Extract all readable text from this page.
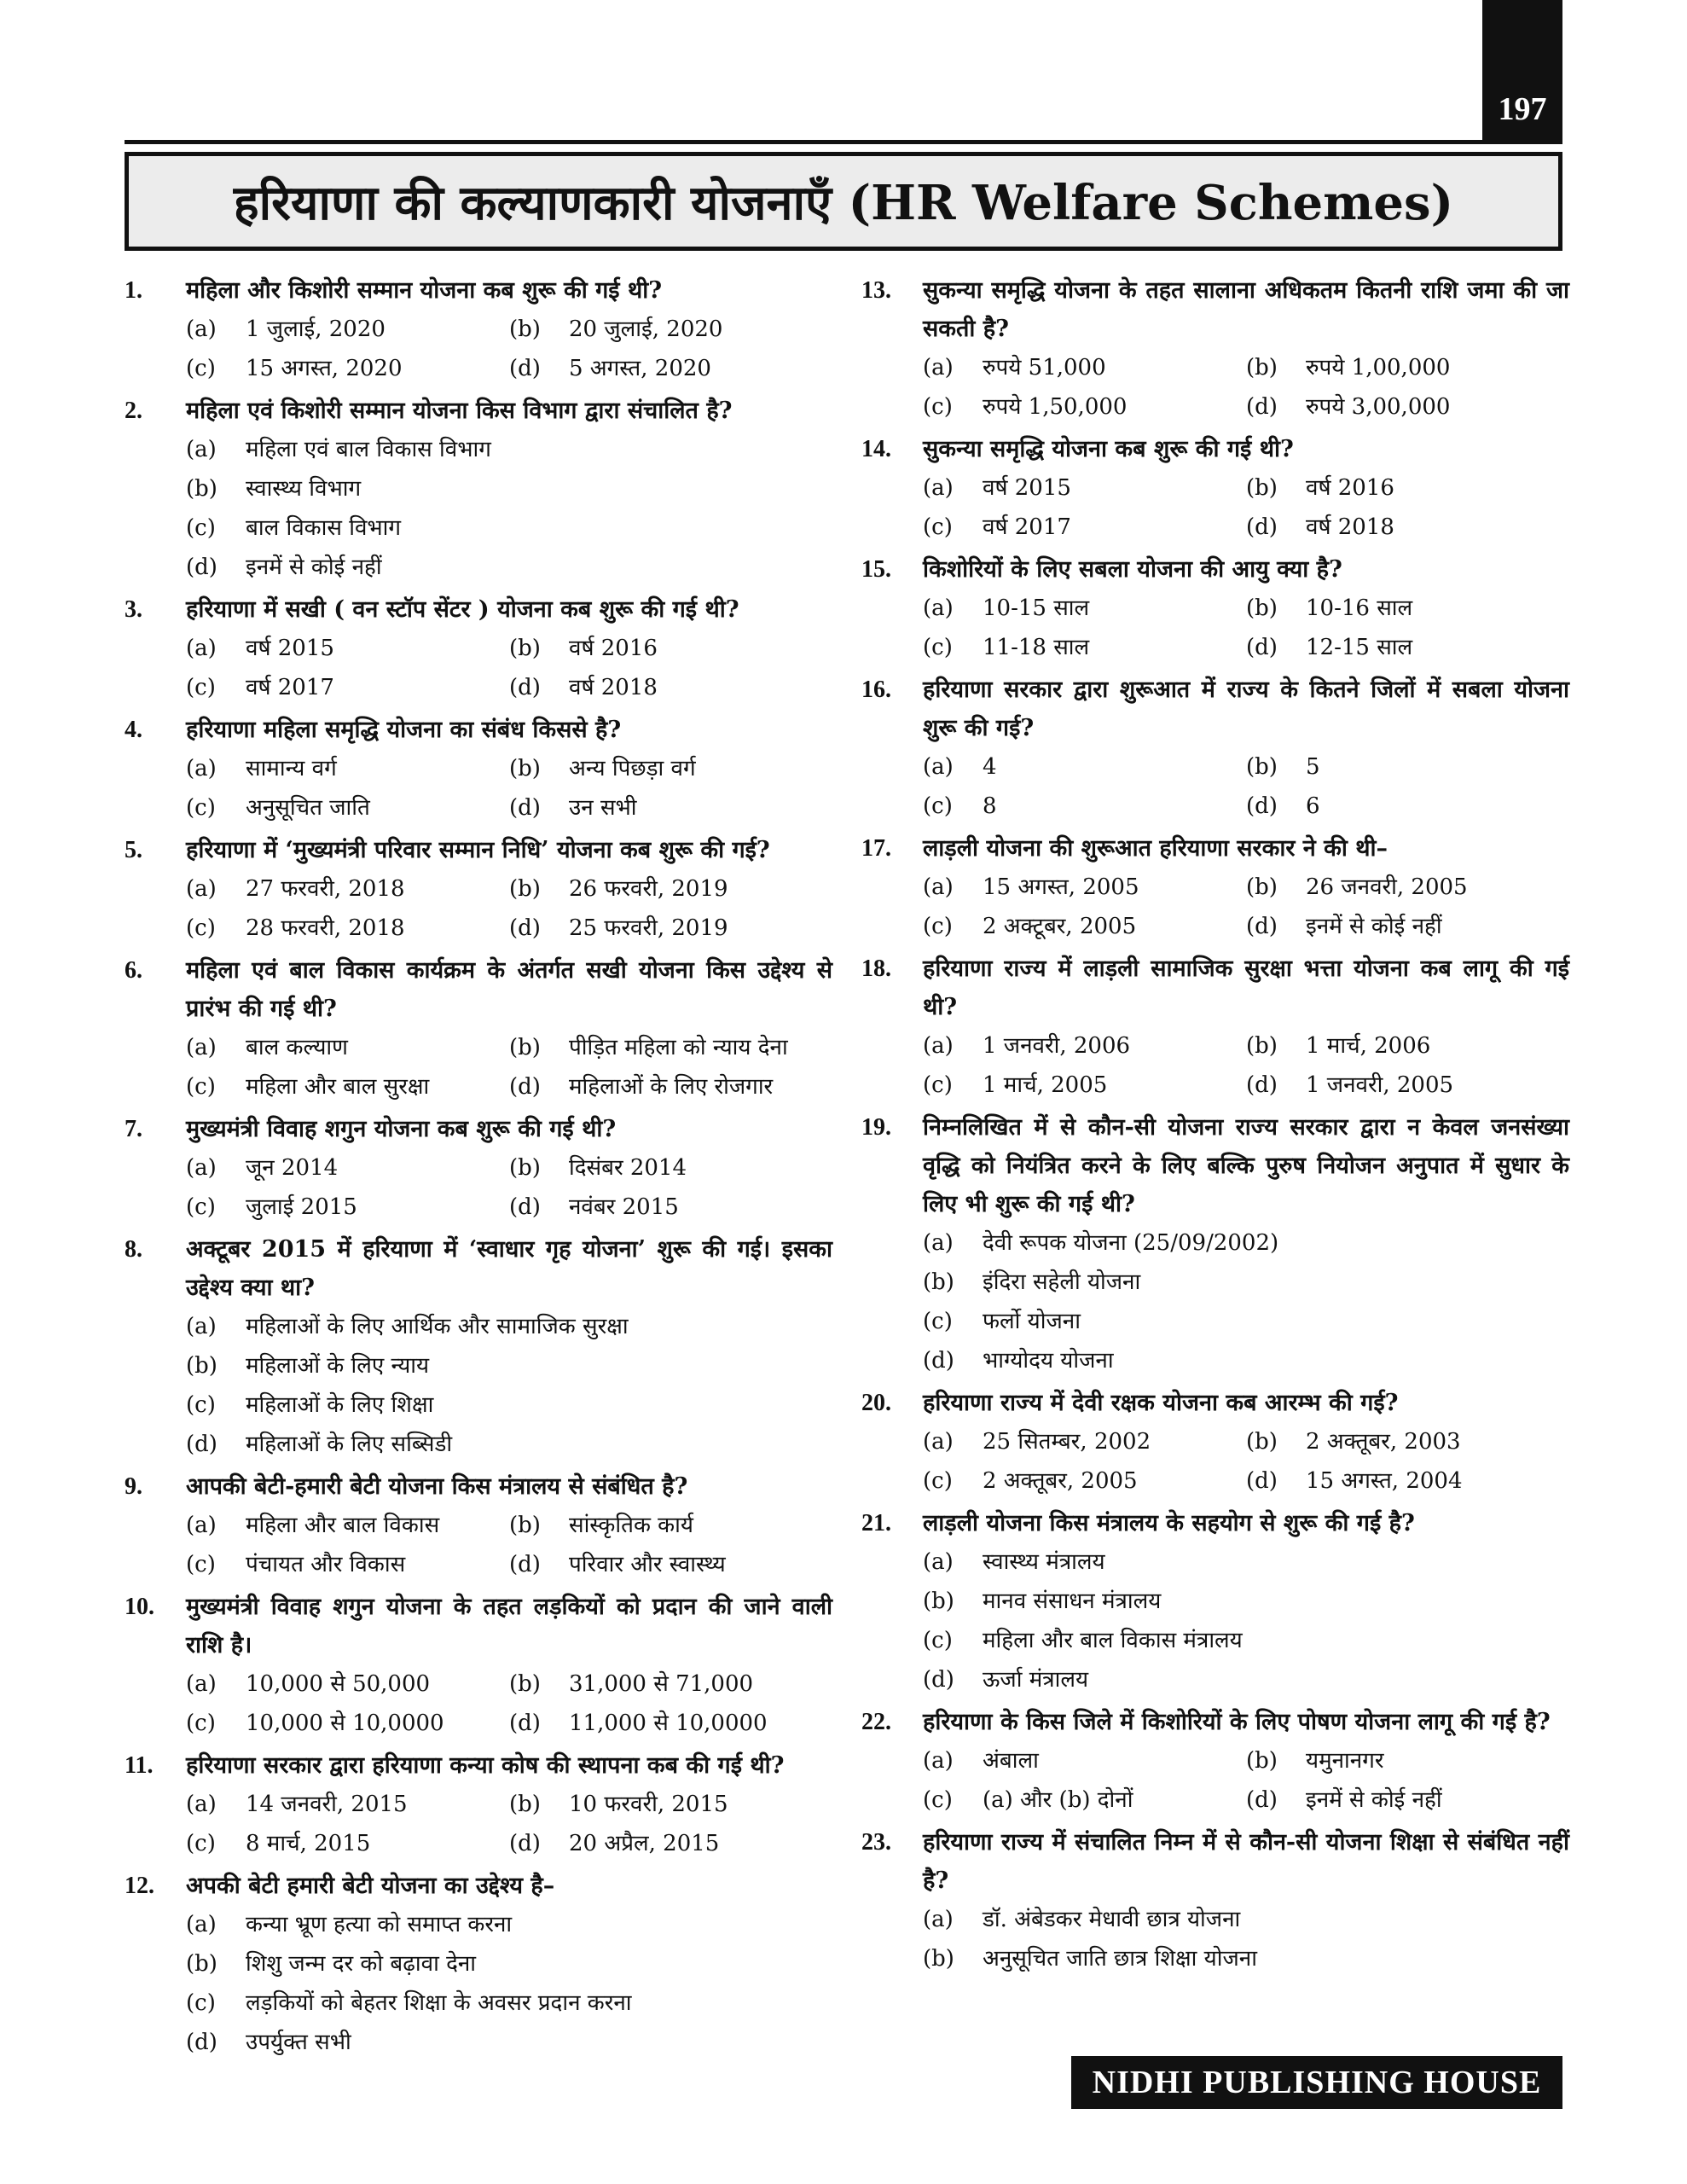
197
हरियाणा की कल्याणकारी योजनाएँ (HR Welfare Schemes)
1.	महिला और किशोरी सम्मान योजना कब शुरू की गई थी?
(a)	1 जुलाई, 2020	(b)	20 जुलाई, 2020
(c)	15 अगस्त, 2020	(d)	5 अगस्त, 2020
2.	महिला एवं किशोरी सम्मान योजना किस विभाग द्वारा संचालित है?
(a)	महिला एवं बाल विकास विभाग
(b)	स्वास्थ्य विभाग
(c)	बाल विकास विभाग
(d)	इनमें से कोई नहीं
3.	हरियाणा में सखी ( वन स्टॉप सेंटर ) योजना कब शुरू की गई थी?
(a)	वर्ष 2015	(b)	वर्ष 2016
(c)	वर्ष 2017	(d)	वर्ष 2018
4.	हरियाणा महिला समृद्धि योजना का संबंध किससे है?
(a)	सामान्य वर्ग	(b)	अन्य पिछड़ा वर्ग
(c)	अनुसूचित जाति	(d)	उन सभी
5.	हरियाणा में ‘मुख्यमंत्री परिवार सम्मान निधि’ योजना कब शुरू की गई?
(a)	27 फरवरी, 2018	(b)	26 फरवरी, 2019
(c)	28 फरवरी, 2018	(d)	25 फरवरी, 2019
6.	महिला एवं बाल विकास कार्यक्रम के अंतर्गत सखी योजना किस उद्देश्य से प्रारंभ की गई थी?
(a)	बाल कल्याण	(b)	पीड़ित महिला को न्याय देना
(c)	महिला और बाल सुरक्षा	(d)	महिलाओं के लिए रोजगार
7.	मुख्यमंत्री विवाह शगुन योजना कब शुरू की गई थी?
(a)	जून 2014	(b)	दिसंबर 2014
(c)	जुलाई 2015	(d)	नवंबर 2015
8.	अक्टूबर 2015 में हरियाणा में ‘स्वाधार गृह योजना’ शुरू की गई। इसका उद्देश्य क्या था?
(a)	महिलाओं के लिए आर्थिक और सामाजिक सुरक्षा
(b)	महिलाओं के लिए न्याय
(c)	महिलाओं के लिए शिक्षा
(d)	महिलाओं के लिए सब्सिडी
9.	आपकी बेटी-हमारी बेटी योजना किस मंत्रालय से संबंधित है?
(a)	महिला और बाल विकास	(b)	सांस्कृतिक कार्य
(c)	पंचायत और विकास	(d)	परिवार और स्वास्थ्य
10.	मुख्यमंत्री विवाह शगुन योजना के तहत लड़कियों को प्रदान की जाने वाली राशि है।
(a)	10,000 से 50,000	(b)	31,000 से 71,000
(c)	10,000 से 10,0000	(d)	11,000 से 10,0000
11.	हरियाणा सरकार द्वारा हरियाणा कन्या कोष की स्थापना कब की गई थी?
(a)	14 जनवरी, 2015	(b)	10 फरवरी, 2015
(c)	8 मार्च, 2015	(d)	20 अप्रैल, 2015
12.	अपकी बेटी हमारी बेटी योजना का उद्देश्य है–
(a)	कन्या भ्रूण हत्या को समाप्त करना
(b)	शिशु जन्म दर को बढ़ावा देना
(c)	लड़कियों को बेहतर शिक्षा के अवसर प्रदान करना
(d)	उपर्युक्त सभी
13.	सुकन्या समृद्धि योजना के तहत सालाना अधिकतम कितनी राशि जमा की जा सकती है?
(a)	रुपये 51,000	(b)	रुपये 1,00,000
(c)	रुपये 1,50,000	(d)	रुपये 3,00,000
14.	सुकन्या समृद्धि योजना कब शुरू की गई थी?
(a)	वर्ष 2015	(b)	वर्ष 2016
(c)	वर्ष 2017	(d)	वर्ष 2018
15.	किशोरियों के लिए सबला योजना की आयु क्या है?
(a)	10-15 साल	(b)	10-16 साल
(c)	11-18 साल	(d)	12-15 साल
16.	हरियाणा सरकार द्वारा शुरूआत में राज्य के कितने जिलों में सबला योजना शुरू की गई?
(a)	4	(b)	5
(c)	8	(d)	6
17.	लाड़ली योजना की शुरूआत हरियाणा सरकार ने की थी–
(a)	15 अगस्त, 2005	(b)	26 जनवरी, 2005
(c)	2 अक्टूबर, 2005	(d)	इनमें से कोई नहीं
18.	हरियाणा राज्य में लाड़ली सामाजिक सुरक्षा भत्ता योजना कब लागू की गई थी?
(a)	1 जनवरी, 2006	(b)	1 मार्च, 2006
(c)	1 मार्च, 2005	(d)	1 जनवरी, 2005
19.	निम्नलिखित में से कौन-सी योजना राज्य सरकार द्वारा न केवल जनसंख्या वृद्धि को नियंत्रित करने के लिए बल्कि पुरुष नियोजन अनुपात में सुधार के लिए भी शुरू की गई थी?
(a)	देवी रूपक योजना (25/09/2002)
(b)	इंदिरा सहेली योजना
(c)	फर्लो योजना
(d)	भाग्योदय योजना
20.	हरियाणा राज्य में देवी रक्षक योजना कब आरम्भ की गई?
(a)	25 सितम्बर, 2002	(b)	2 अक्तूबर, 2003
(c)	2 अक्तूबर, 2005	(d)	15 अगस्त, 2004
21.	लाड़ली योजना किस मंत्रालय के सहयोग से शुरू की गई है?
(a)	स्वास्थ्य मंत्रालय
(b)	मानव संसाधन मंत्रालय
(c)	महिला और बाल विकास मंत्रालय
(d)	ऊर्जा मंत्रालय
22.	हरियाणा के किस जिले में किशोरियों के लिए पोषण योजना लागू की गई है?
(a)	अंबाला	(b)	यमुनानगर
(c)	(a) और (b) दोनों	(d)	इनमें से कोई नहीं
23.	हरियाणा राज्य में संचालित निम्न में से कौन-सी योजना शिक्षा से संबंधित नहीं है?
(a)	डॉ. अंबेडकर मेधावी छात्र योजना
(b)	अनुसूचित जाति छात्र शिक्षा योजना
NIDHI PUBLISHING HOUSE
